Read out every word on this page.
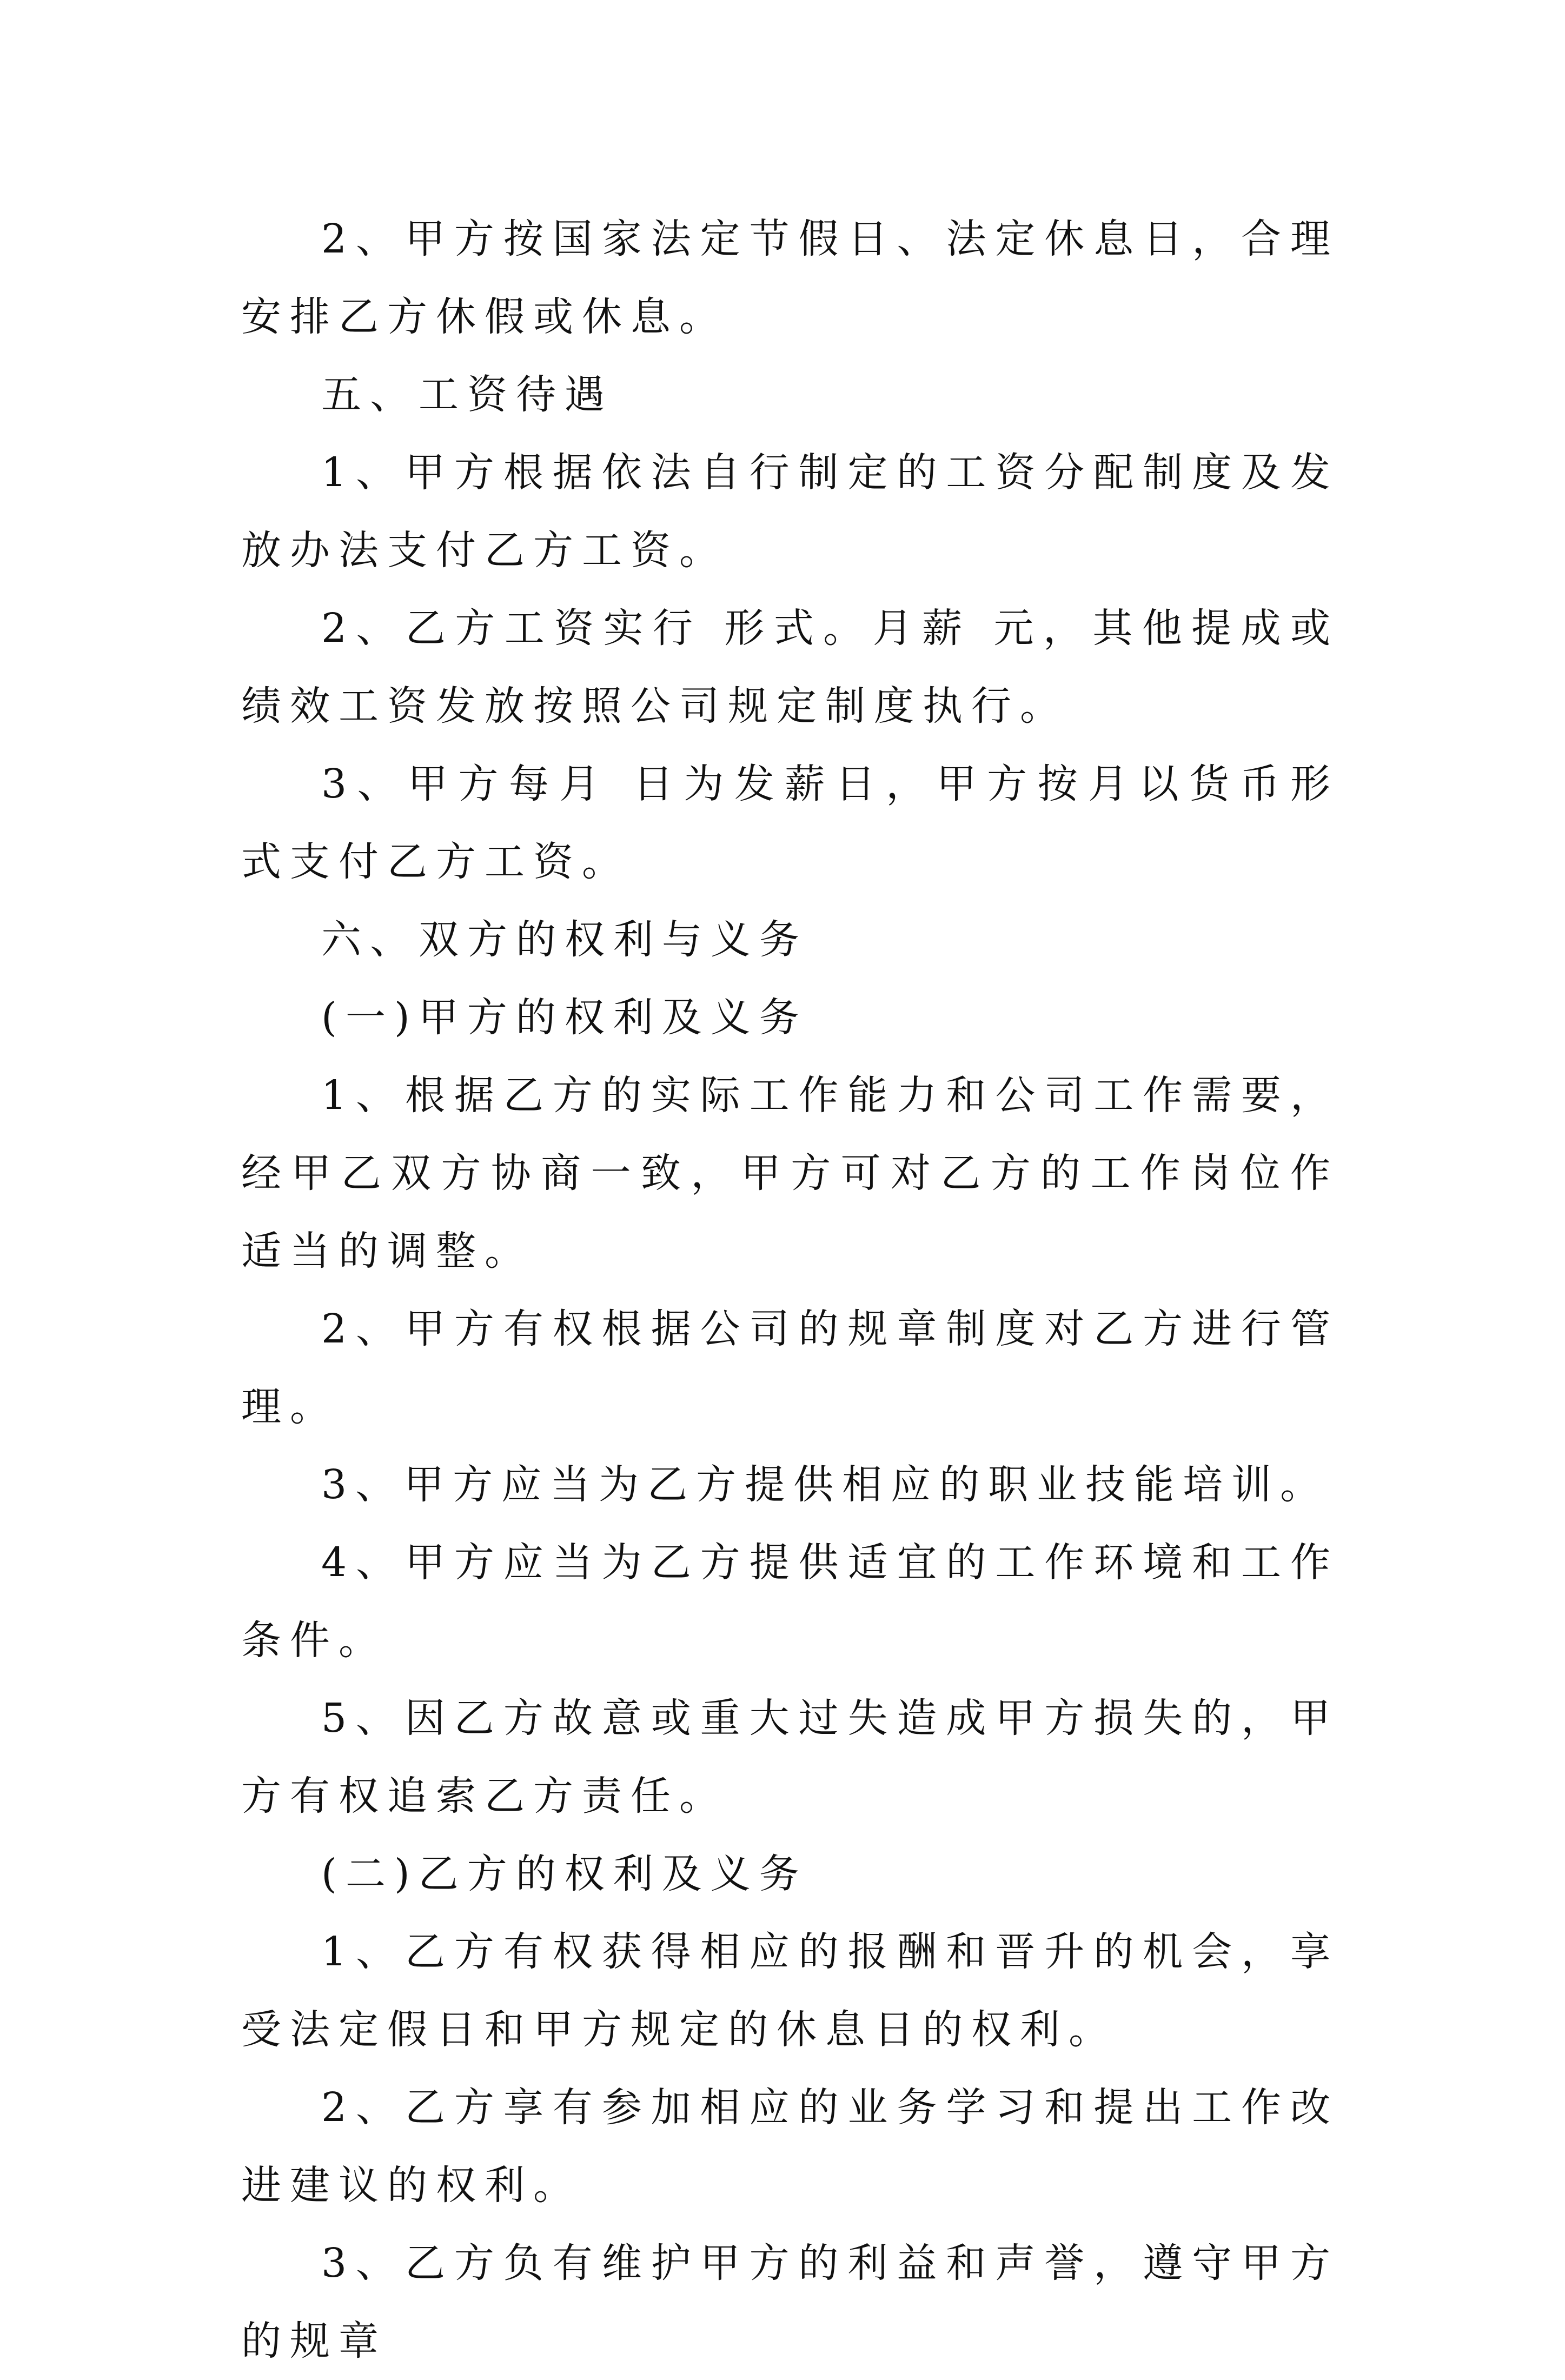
2、甲方按国家法定节假日、法定休息日，合理安排乙方休假或休息。

五、工资待遇

1、甲方根据依法自行制定的工资分配制度及发放办法支付乙方工资。

2、乙方工资实行 形式。月薪 元，其他提成或绩效工资发放按照公司规定制度执行。

3、甲方每月 日为发薪日，甲方按月以货币形式支付乙方工资。

六、双方的权利与义务

(一)甲方的权利及义务

1、根据乙方的实际工作能力和公司工作需要，经甲乙双方协商一致，甲方可对乙方的工作岗位作适当的调整。

2、甲方有权根据公司的规章制度对乙方进行管理。

3、甲方应当为乙方提供相应的职业技能培训。

4、甲方应当为乙方提供适宜的工作环境和工作条件。

5、因乙方故意或重大过失造成甲方损失的，甲方有权追索乙方责任。

(二)乙方的权利及义务

1、乙方有权获得相应的报酬和晋升的机会，享受法定假日和甲方规定的休息日的权利。

2、乙方享有参加相应的业务学习和提出工作改进建议的权利。

3、乙方负有维护甲方的利益和声誉，遵守甲方的规章
